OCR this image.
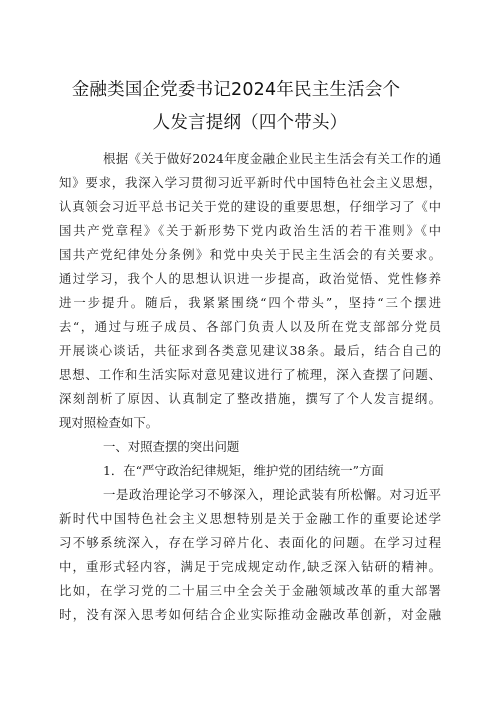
金融类国企党委书记2024年民主生活会个
人发言提纲（四个带头）
根据《关于做好2024年度金融企业民主生活会有关工作的通
知》要求，我深入学习贯彻习近平新时代中国特色社会主义思想，
认真领会习近平总书记关于党的建设的重要思想，仔细学习了《中
国共产党章程》《关于新形势下党内政治生活的若干准则》《中
国共产党纪律处分条例》和党中央关于民主生活会的有关要求。
通过学习，我个人的思想认识进一步提高，政治觉悟、党性修养
进一步提升。随后，我紧紧围绕“四个带头”，坚持“三个摆进
去“，通过与班子成员、各部门负责人以及所在党支部部分党员
开展谈心谈话，共征求到各类意见建议38条。最后，结合自己的
思想、工作和生活实际对意见建议进行了梳理，深入查摆了问题、
深刻剖析了原因、认真制定了整改措施，撰写了个人发言提纲。
现对照检查如下。
一、对照查摆的突出问题
1．在“严守政治纪律规矩，维护党的团结统一”方面
一是政治理论学习不够深入，理论武装有所松懈。对习近平
新时代中国特色社会主义思想特别是关于金融工作的重要论述学
习不够系统深入，存在学习碎片化、表面化的问题。在学习过程
中，重形式轻内容，满足于完成规定动作,缺乏深入钻研的精神。
比如，在学习党的二十届三中全会关于金融领域改革的重大部署
时，没有深入思考如何结合企业实际推动金融改革创新，对金融
